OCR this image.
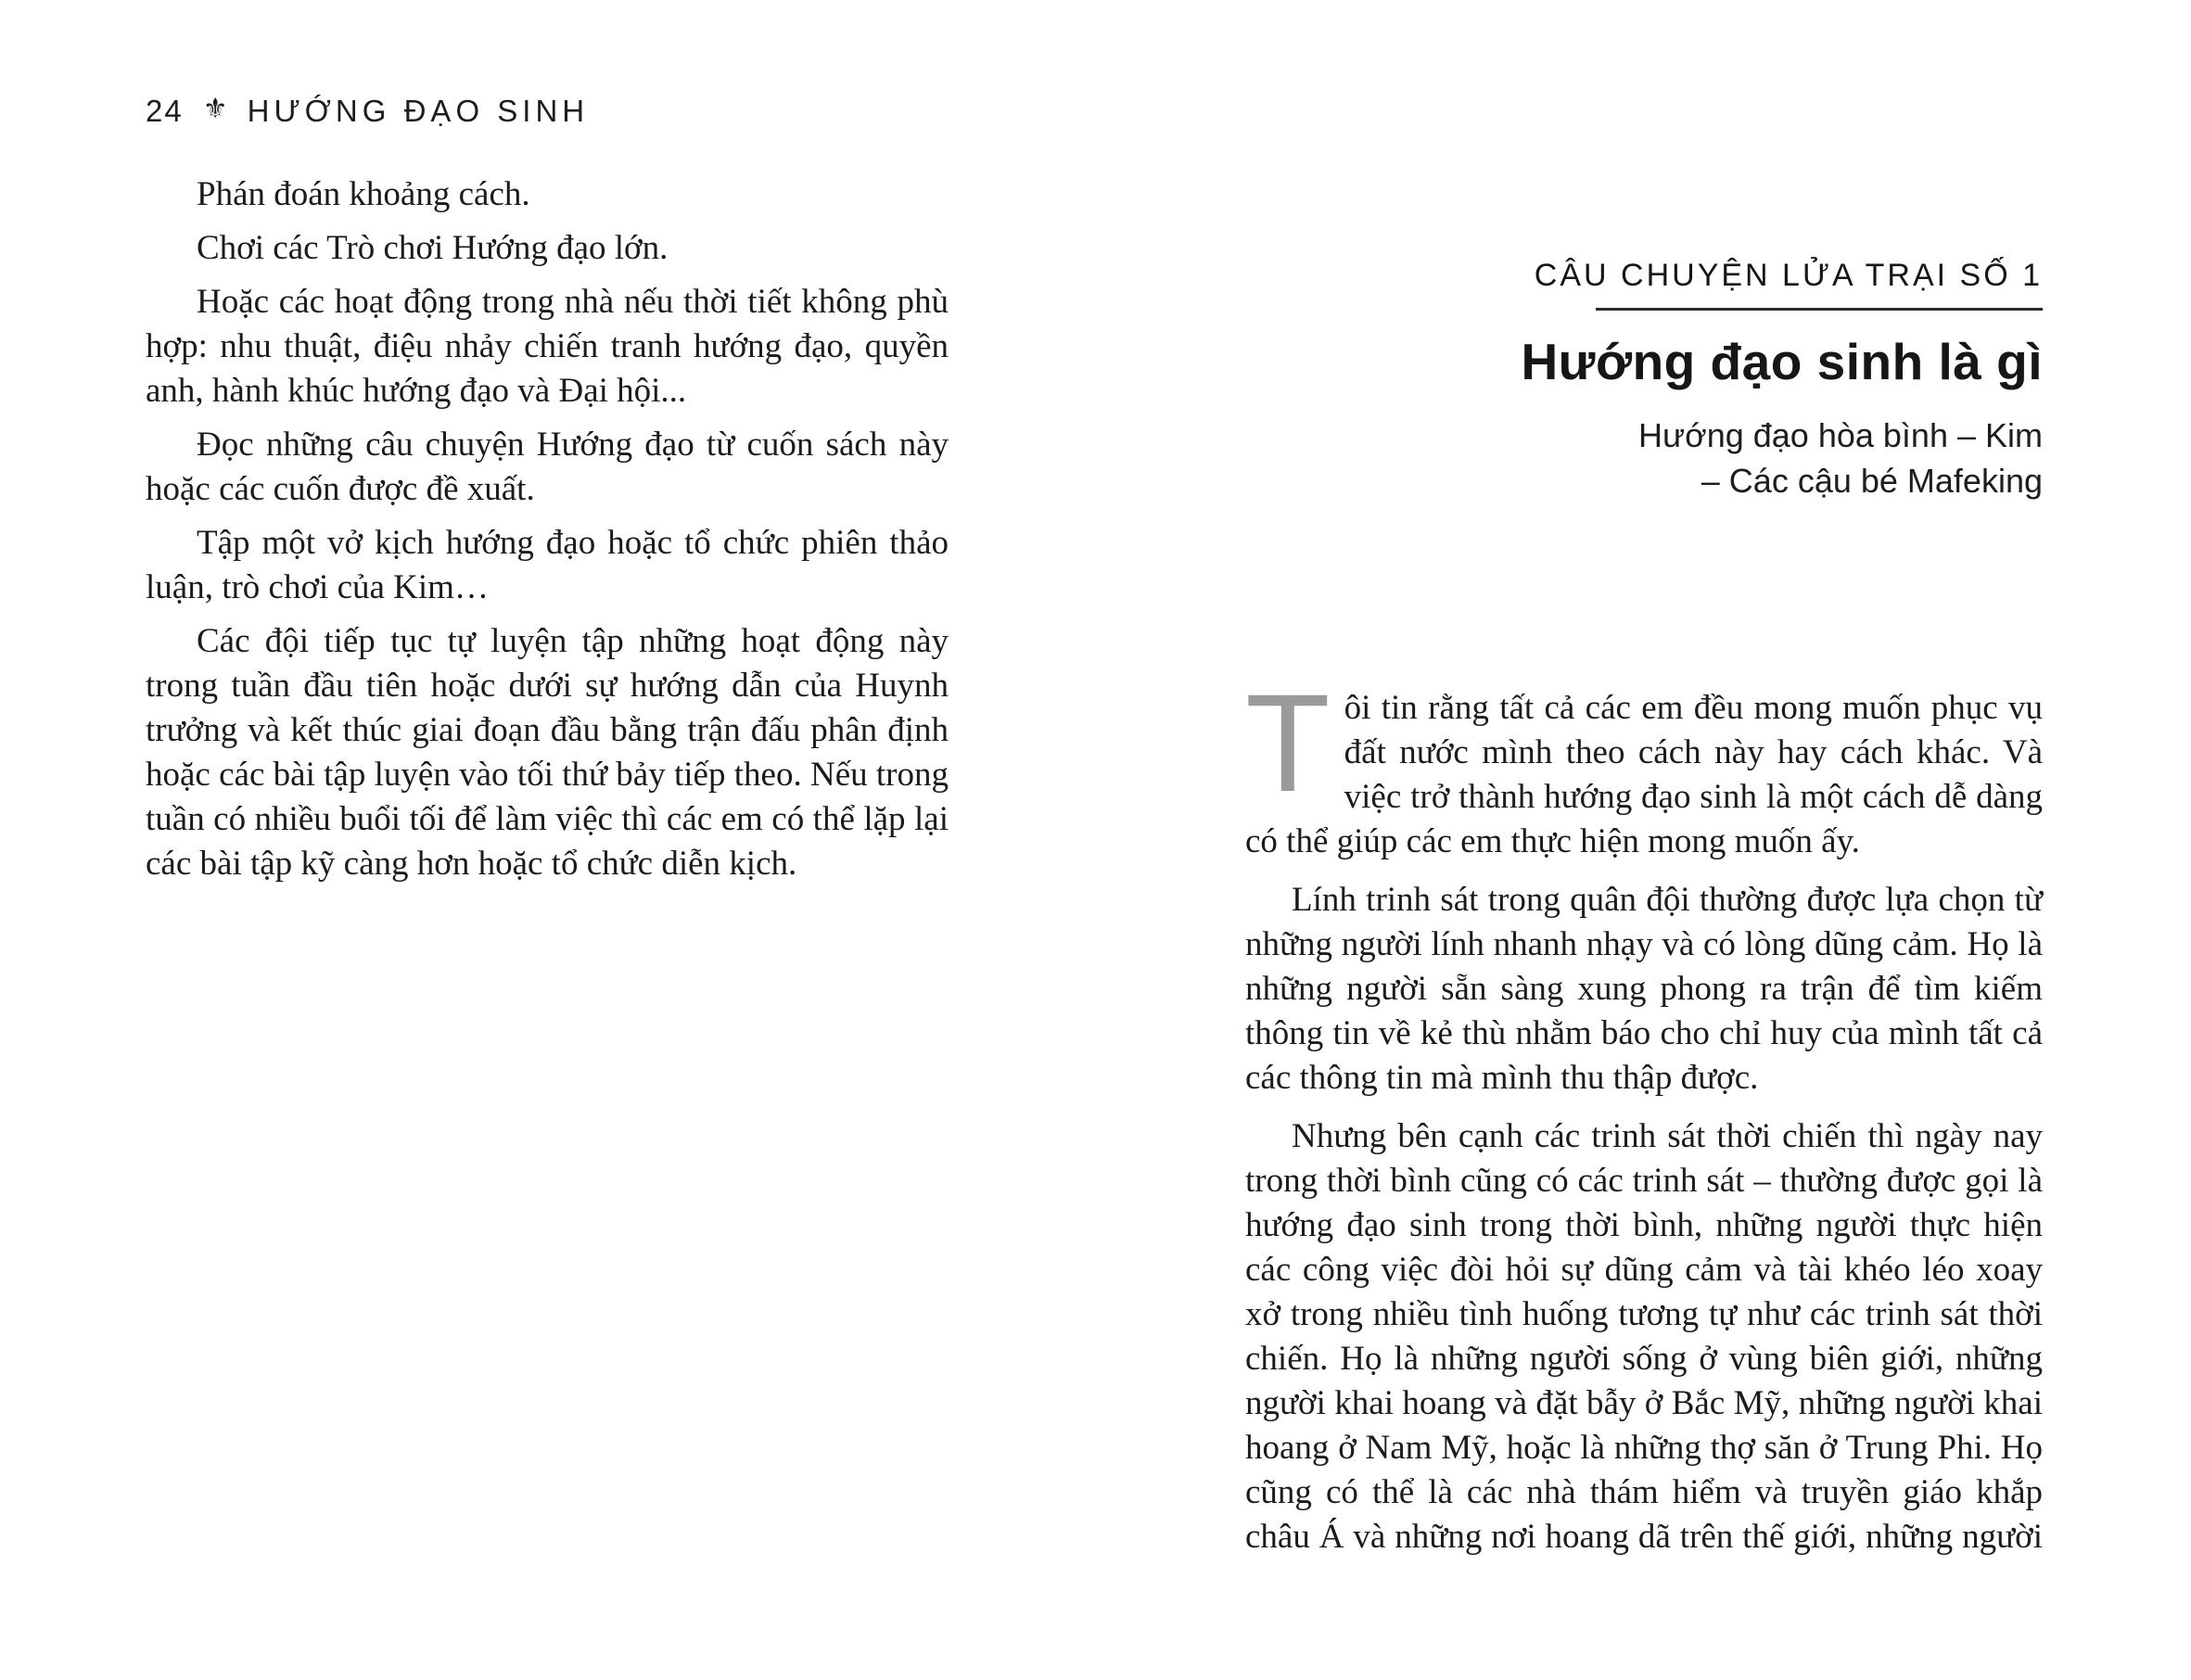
24 ⚜ HƯỚNG ĐẠO SINH

Phán đoán khoảng cách.

Chơi các Trò chơi Hướng đạo lớn.

Hoặc các hoạt động trong nhà nếu thời tiết không phù hợp: nhu thuật, điệu nhảy chiến tranh hướng đạo, quyền anh, hành khúc hướng đạo và Đại hội...

Đọc những câu chuyện Hướng đạo từ cuốn sách này hoặc các cuốn được đề xuất.

Tập một vở kịch hướng đạo hoặc tổ chức phiên thảo luận, trò chơi của Kim…

Các đội tiếp tục tự luyện tập những hoạt động này trong tuần đầu tiên hoặc dưới sự hướng dẫn của Huynh trưởng và kết thúc giai đoạn đầu bằng trận đấu phân định hoặc các bài tập luyện vào tối thứ bảy tiếp theo. Nếu trong tuần có nhiều buổi tối để làm việc thì các em có thể lặp lại các bài tập kỹ càng hơn hoặc tổ chức diễn kịch.

CÂU CHUYỆN LỬA TRẠI SỐ 1
Hướng đạo sinh là gì
Hướng đạo hòa bình – Kim
– Các cậu bé Mafeking

Tôi tin rằng tất cả các em đều mong muốn phục vụ đất nước mình theo cách này hay cách khác. Và việc trở thành hướng đạo sinh là một cách dễ dàng có thể giúp các em thực hiện mong muốn ấy.

Lính trinh sát trong quân đội thường được lựa chọn từ những người lính nhanh nhạy và có lòng dũng cảm. Họ là những người sẵn sàng xung phong ra trận để tìm kiếm thông tin về kẻ thù nhằm báo cho chỉ huy của mình tất cả các thông tin mà mình thu thập được.

Nhưng bên cạnh các trinh sát thời chiến thì ngày nay trong thời bình cũng có các trinh sát – thường được gọi là hướng đạo sinh trong thời bình, những người thực hiện các công việc đòi hỏi sự dũng cảm và tài khéo léo xoay xở trong nhiều tình huống tương tự như các trinh sát thời chiến. Họ là những người sống ở vùng biên giới, những người khai hoang và đặt bẫy ở Bắc Mỹ, những người khai hoang ở Nam Mỹ, hoặc là những thợ săn ở Trung Phi. Họ cũng có thể là các nhà thám hiểm và truyền giáo khắp châu Á và những nơi hoang dã trên thế giới, những người
